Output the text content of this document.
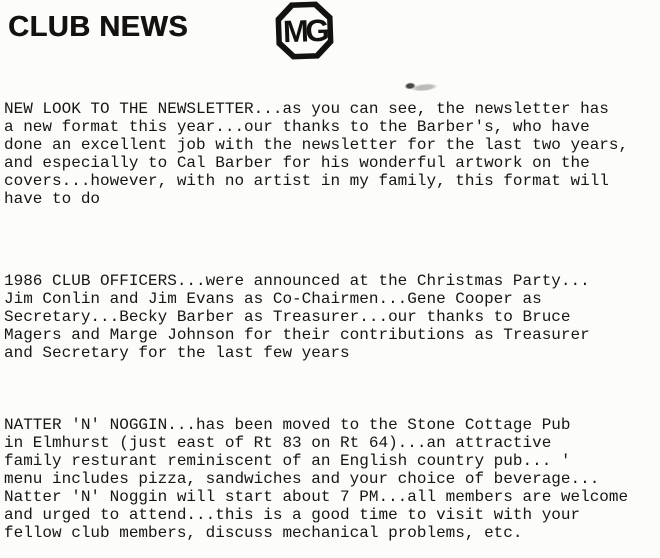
CLUB NEWS	MG

NEW LOOK TO THE NEWSLETTER...as you can see, the newsletter has
a new format this year...our thanks to the Barber's, who have
done an excellent job with the newsletter for the last two years,
and especially to Cal Barber for his wonderful artwork on the
covers...however, with no artist in my family, this format will
have to do

1986 CLUB OFFICERS...were announced at the Christmas Party...
Jim Conlin and Jim Evans as Co-Chairmen...Gene Cooper as
Secretary...Becky Barber as Treasurer...our thanks to Bruce
Magers and Marge Johnson for their contributions as Treasurer
and Secretary for the last few years

NATTER 'N' NOGGIN...has been moved to the Stone Cottage Pub
in Elmhurst (just east of Rt 83 on Rt 64)...an attractive
family resturant reminiscent of an English country pub... '
menu includes pizza, sandwiches and your choice of beverage...
Natter 'N' Noggin will start about 7 PM...all members are welcome
and urged to attend...this is a good time to visit with your
fellow club members, discuss mechanical problems, etc.
